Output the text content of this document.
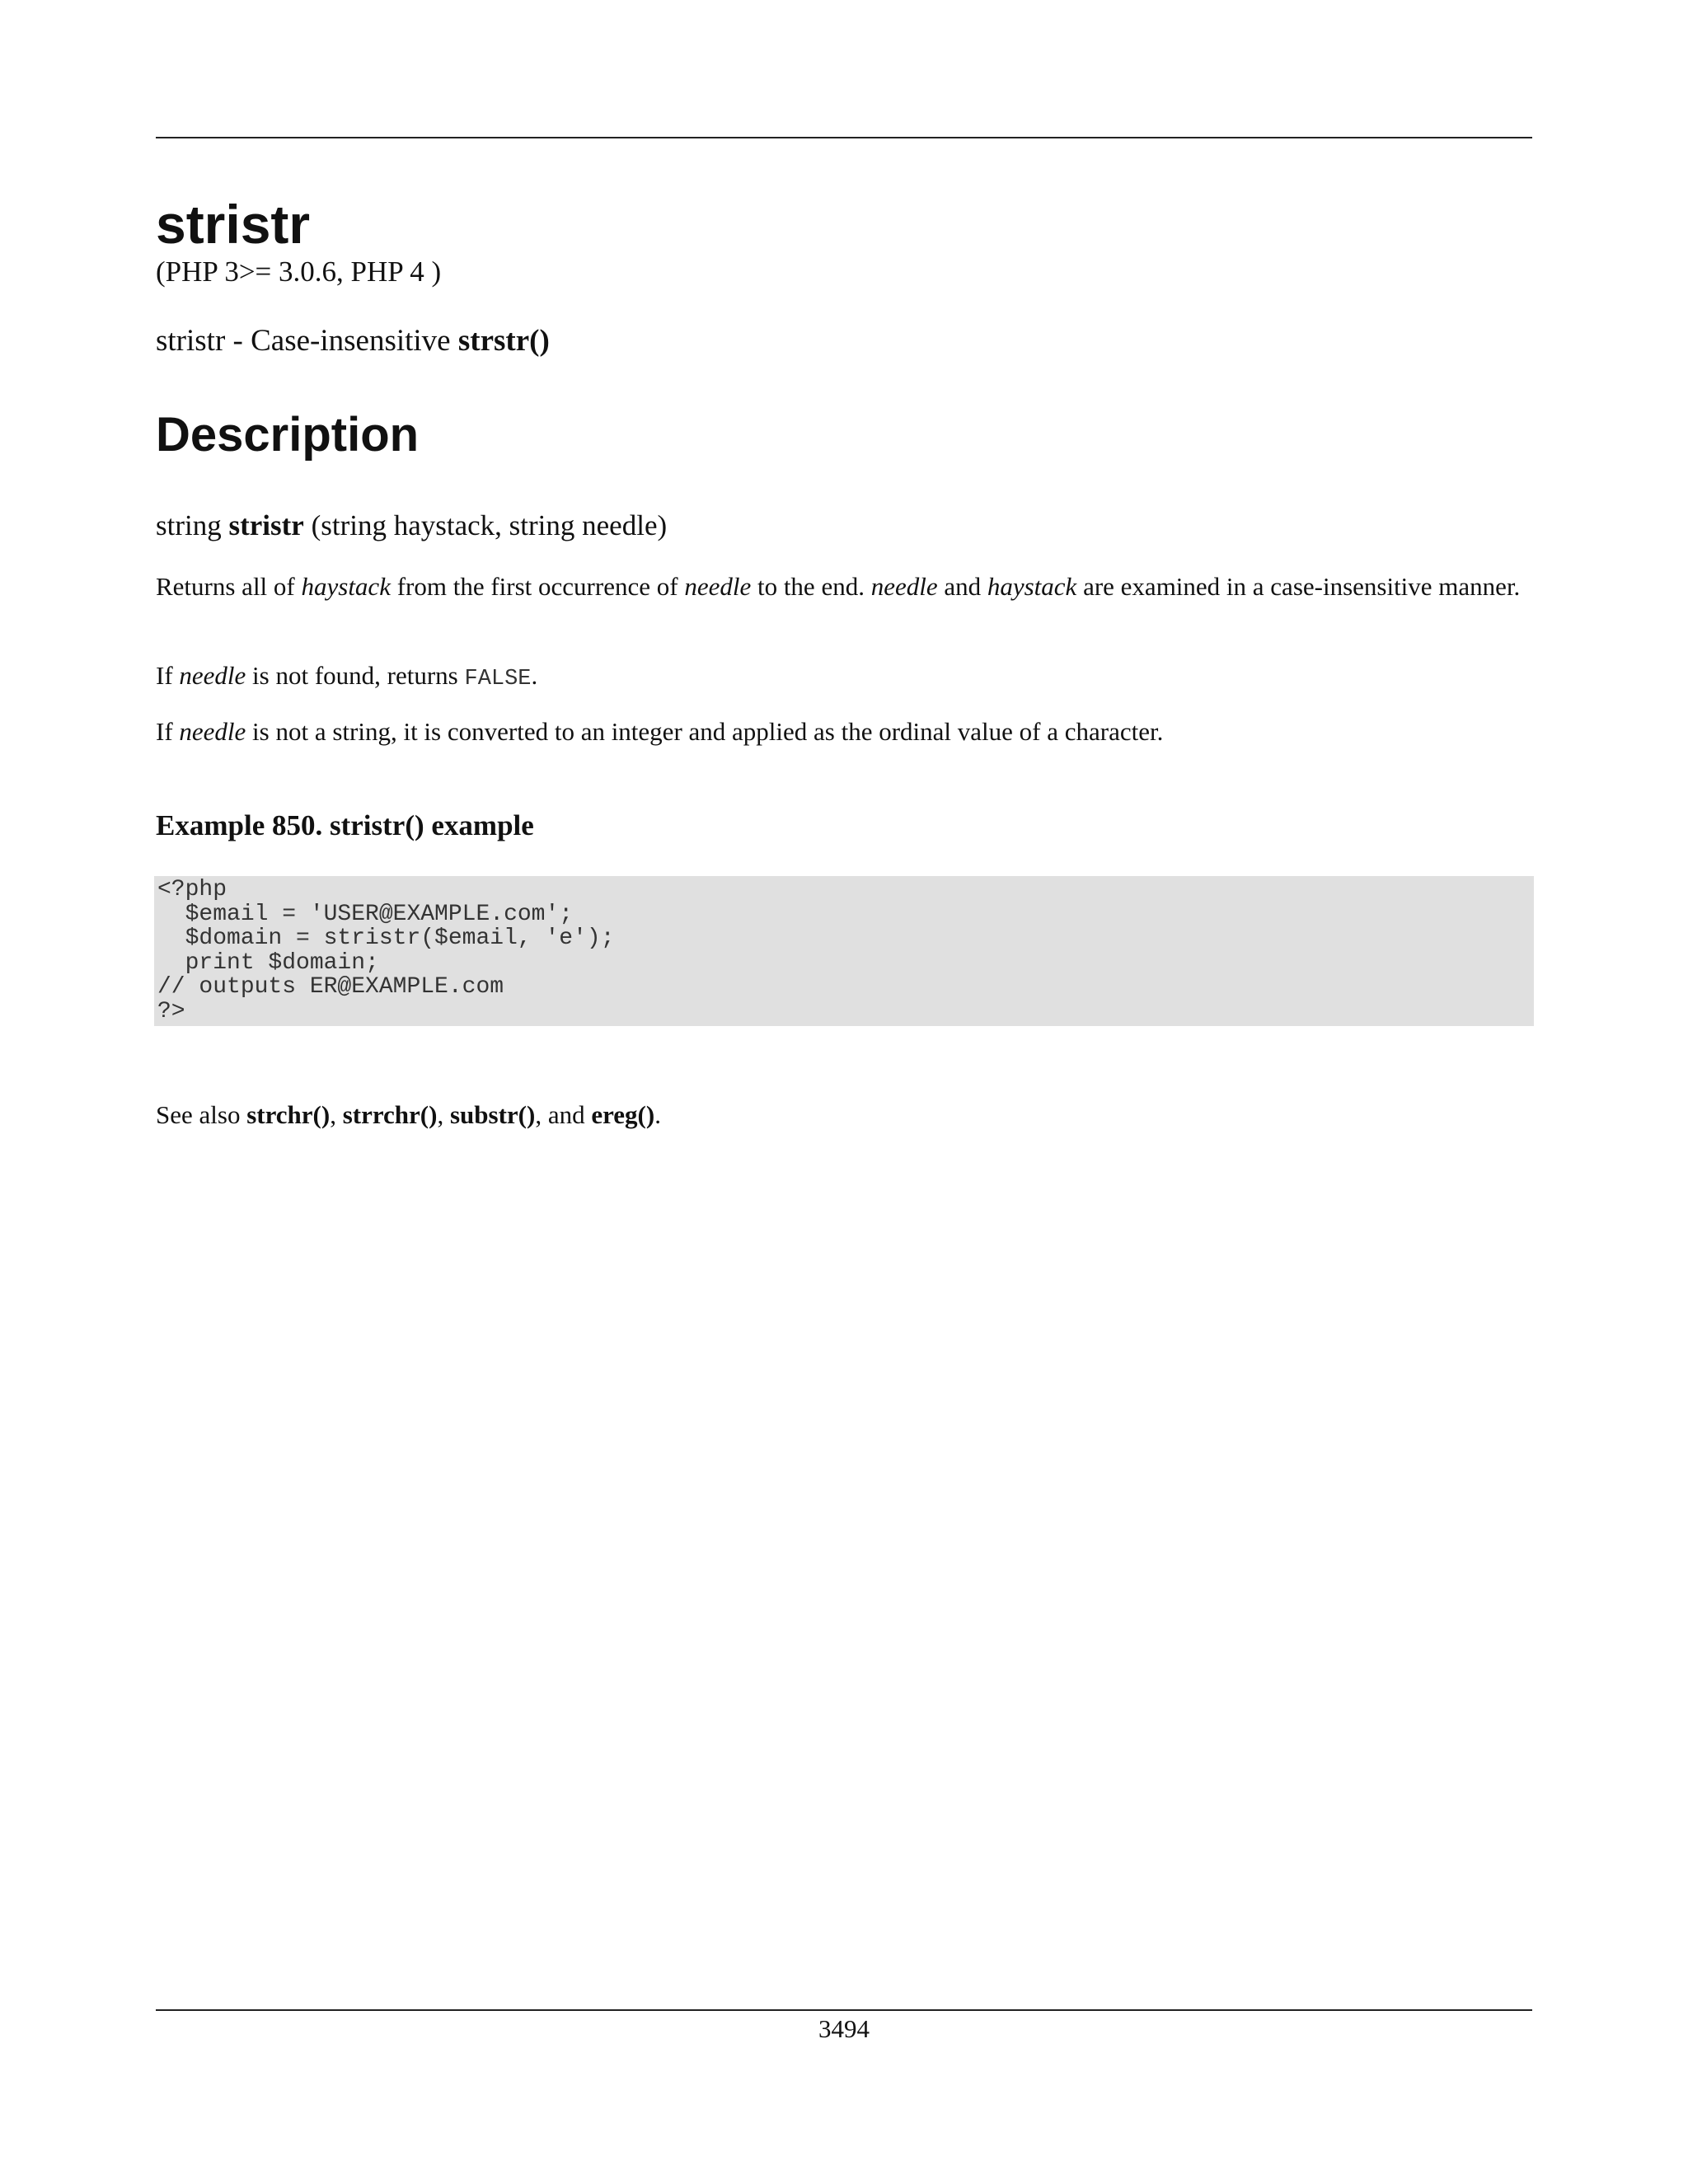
stristr
(PHP 3>= 3.0.6, PHP 4 )
stristr - Case-insensitive strstr()
Description
string stristr (string haystack, string needle)

Returns all of haystack from the first occurrence of needle to the end. needle and haystack are examined in a case-insensitive manner.

If needle is not found, returns FALSE.

If needle is not a string, it is converted to an integer and applied as the ordinal value of a character.

Example 850. stristr() example
<?php
$email = 'USER@EXAMPLE.com';
$domain = stristr($email, 'e');
print $domain;
// outputs ER@EXAMPLE.com
?>
See also strchr(), strrchr(), substr(), and ereg().
3494
